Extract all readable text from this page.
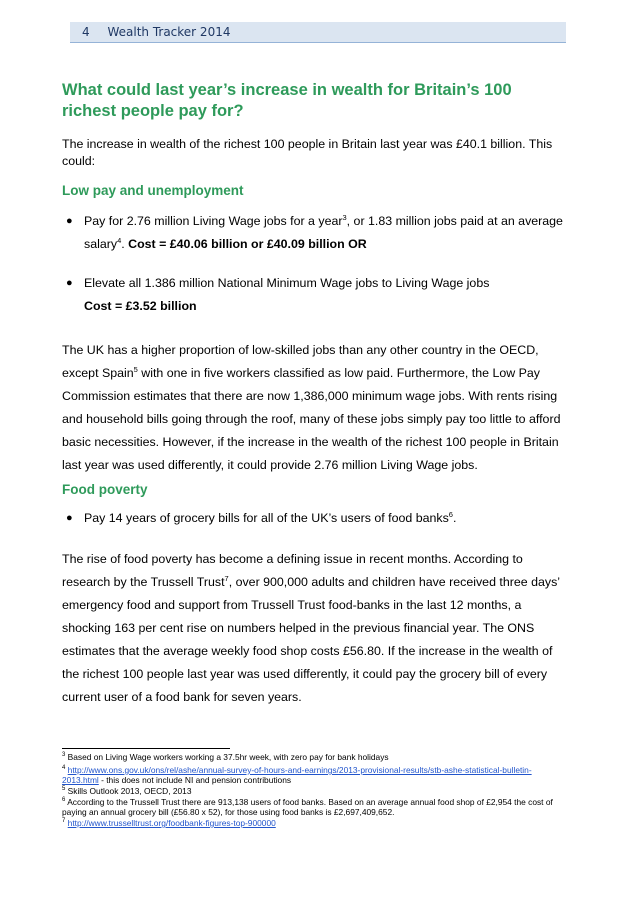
4 Wealth Tracker 2014
What could last year’s increase in wealth for Britain’s 100 richest people pay for?

The increase in wealth of the richest 100 people in Britain last year was £40.1 billion. This could:

Low pay and unemployment
● Pay for 2.76 million Living Wage jobs for a year$^3$, or 1.83 million jobs paid at an average salary$^4$. Cost = £40.06 billion or £40.09 billion OR
● Elevate all 1.386 million National Minimum Wage jobs to Living Wage jobs
Cost = £3.52 billion

The UK has a higher proportion of low-skilled jobs than any other country in the OECD, except Spain$^5$ with one in five workers classified as low paid. Furthermore, the Low Pay Commission estimates that there are now 1,386,000 minimum wage jobs. With rents rising and household bills going through the roof, many of these jobs simply pay too little to afford basic necessities. However, if the increase in the wealth of the richest 100 people in Britain last year was used differently, it could provide 2.76 million Living Wage jobs.

Food poverty
● Pay 14 years of grocery bills for all of the UK’s users of food banks$^6$.

The rise of food poverty has become a defining issue in recent months. According to research by the Trussell Trust$^7$, over 900,000 adults and children have received three days’ emergency food and support from Trussell Trust food-banks in the last 12 months, a shocking 163 per cent rise on numbers helped in the previous financial year. The ONS estimates that the average weekly food shop costs £56.80. If the increase in the wealth of the richest 100 people last year was used differently, it could pay the grocery bill of every current user of a food bank for seven years.

$^3$ Based on Living Wage workers working a 37.5hr week, with zero pay for bank holidays
$^4$ http://www.ons.gov.uk/ons/rel/ashe/annual-survey-of-hours-and-earnings/2013-provisional-results/stb-ashe-statistical-bulletin-2013.html - this does not include NI and pension contributions
$^5$ Skills Outlook 2013, OECD, 2013
$^6$ According to the Trussell Trust there are 913,138 users of food banks. Based on an average annual food shop of £2,954 the cost of paying an annual grocery bill (£56.80 x 52), for those using food banks is £2,697,409,652.
$^7$ http://www.trusselltrust.org/foodbank-figures-top-900000
